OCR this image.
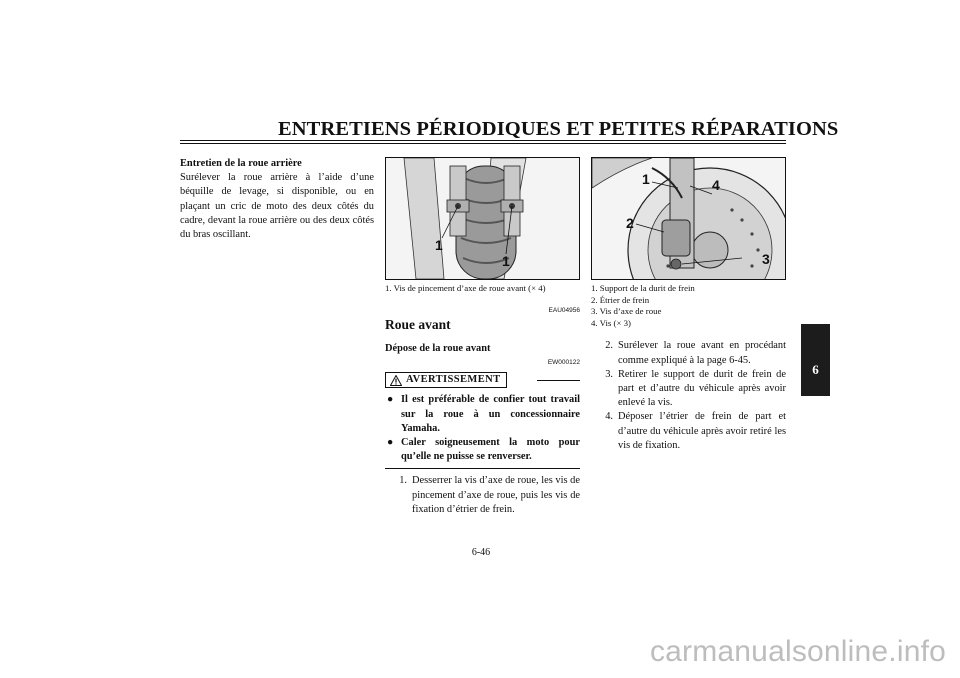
ENTRETIENS PÉRIODIQUES ET PETITES RÉPARATIONS
6
Entretien de la roue arrière
Surélever la roue arrière à l’aide d’une béquille de levage, si disponible, ou en plaçant un cric de moto des deux côtés du cadre, devant la roue arrière ou des deux côtés du bras oscillant.
1
1
1. Vis de pincement d’axe de roue avant (× 4)
EAU04956
Roue avant
Dépose de la roue avant
EW000122
AVERTISSEMENT
● Il est préférable de confier tout travail sur la roue à un concessionnaire Yamaha.
● Caler soigneusement la moto pour qu’elle ne puisse se renverser.
1. Desserrer la vis d’axe de roue, les vis de pincement d’axe de roue, puis les vis de fixation d’étrier de frein.
1
2
3
4
1. Support de la durit de frein
2. Étrier de frein
3. Vis d’axe de roue
4. Vis (× 3)
2. Surélever la roue avant en procédant comme expliqué à la page 6-45.
3. Retirer le support de durit de frein de part et d’autre du véhicule après avoir enlevé la vis.
4. Déposer l’étrier de frein de part et d’autre du véhicule après avoir retiré les vis de fixation.
6-46
carmanualsonline.info
